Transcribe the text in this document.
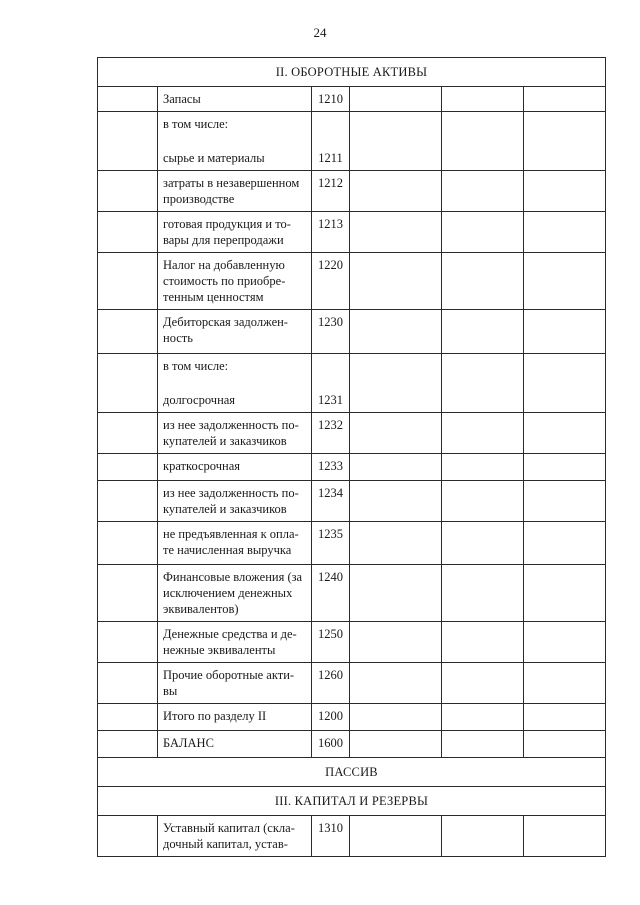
24
II. ОБОРОТНЫЕ АКТИВЫ					

	Запасы	1210			

	в том числе:
сырье и материалы	1211			

	затраты в незавершенном
производстве	1212			

	готовая продукция и то-
вары для перепродажи	1213			

	Налог на добавленную
стоимость по приобре-
тенным ценностям	1220			

	Дебиторская задолжен-
ность	1230			

	в том числе:
долгосрочная	1231			

	из нее задолженность по-
купателей и заказчиков	1232			

	краткосрочная	1233			

	из нее задолженность по-
купателей и заказчиков	1234			

	не предъявленная к опла-
те начисленная выручка	1235			

	Финансовые вложения (за
исключением денежных
эквивалентов)	1240			

	Денежные средства и де-
нежные эквиваленты	1250			

	Прочие оборотные акти-
вы	1260			

	Итого по разделу II	1200			

	БАЛАНС	1600			
ПАССИВ					
III. КАПИТАЛ И РЕЗЕРВЫ					

	Уставный капитал (скла-
дочный капитал, устав-	1310			
